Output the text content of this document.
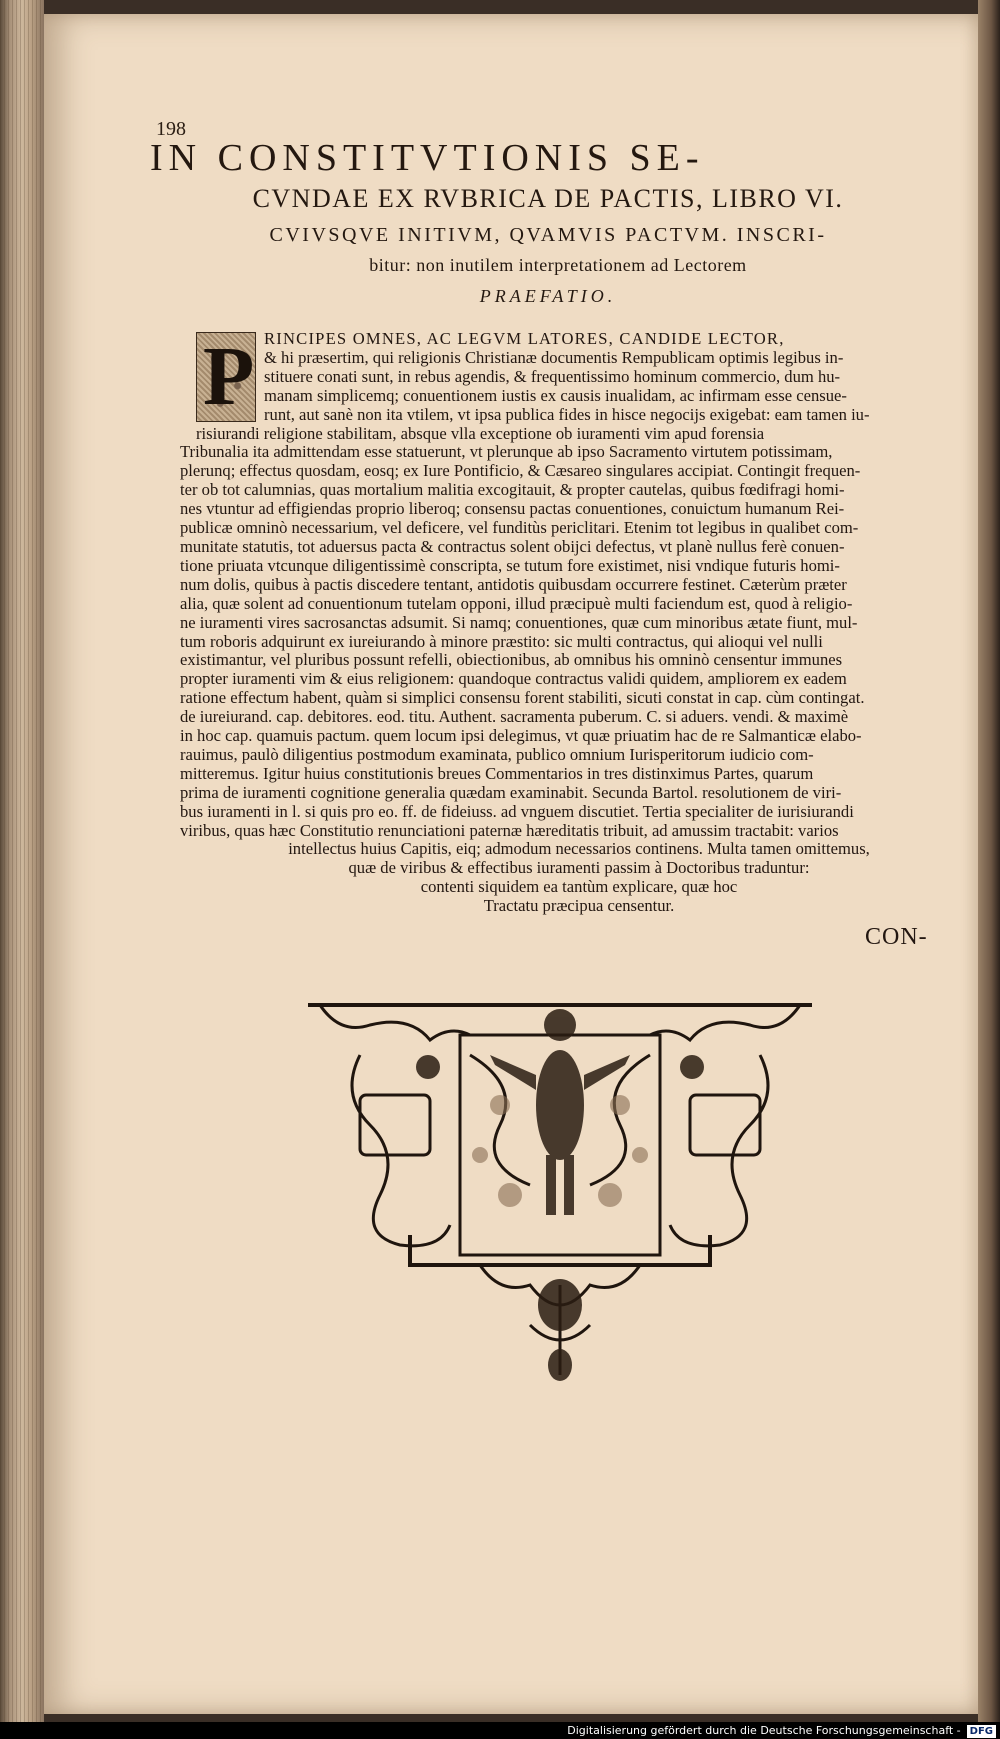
198
IN CONSTITVTIONIS SE-
CVNDAE EX RVBRICA DE PACTIS, LIBRO VI.
CVIVSQVE INITIVM, QVAMVIS PACTVM. INSCRI-
bitur: non inutilem interpretationem ad Lectorem
PRAEFATIO.
P RINCIPES OMNES, AC LEGVM LATORES, CANDIDE LECTOR,
& hi præsertim, qui religionis Christianæ documentis Rempublicam optimis legibus in-
stituere conati sunt, in rebus agendis, & frequentissimo hominum commercio, dum hu-
manam simplicemq; conuentionem iustis ex causis inualidam, ac infirmam esse censue-
runt, aut sanè non ita vtilem, vt ipsa publica fides in hisce negocijs exigebat: eam tamen iu-
risiurandi religione stabilitam, absque vlla exceptione ob iuramenti vim apud forensia
Tribunalia ita admittendam esse statuerunt, vt plerunque ab ipso Sacramento virtutem potissimam,
plerunq; effectus quosdam, eosq; ex Iure Pontificio, & Cæsareo singulares accipiat. Contingit frequen-
ter ob tot calumnias, quas mortalium malitia excogitauit, & propter cautelas, quibus fœdifragi homi-
nes vtuntur ad effigiendas proprio liberoq; consensu pactas conuentiones, conuictum humanum Rei-
publicæ omninò necessarium, vel deficere, vel funditùs periclitari. Etenim tot legibus in qualibet com-
munitate statutis, tot aduersus pacta & contractus solent obijci defectus, vt planè nullus ferè conuen-
tione priuata vtcunque diligentissimè conscripta, se tutum fore existimet, nisi vndique futuris homi-
num dolis, quibus à pactis discedere tentant, antidotis quibusdam occurrere festinet. Cæterùm præter
alia, quæ solent ad conuentionum tutelam opponi, illud præcipuè multi faciendum est, quod à religio-
ne iuramenti vires sacrosanctas adsumit. Si namq; conuentiones, quæ cum minoribus ætate fiunt, mul-
tum roboris adquirunt ex iureiurando à minore præstito: sic multi contractus, qui alioqui vel nulli
existimantur, vel pluribus possunt refelli, obiectionibus, ab omnibus his omninò censentur immunes
propter iuramenti vim & eius religionem: quandoque contractus validi quidem, ampliorem ex eadem
ratione effectum habent, quàm si simplici consensu forent stabiliti, sicuti constat in cap. cùm contingat.
de iureiurand. cap. debitores. eod. titu. Authent. sacramenta puberum. C. si aduers. vendi. & maximè
in hoc cap. quamuis pactum. quem locum ipsi delegimus, vt quæ priuatim hac de re Salmanticæ elabo-
rauimus, paulò diligentius postmodum examinata, publico omnium Iurisperitorum iudicio com-
mitteremus. Igitur huius constitutionis breues Commentarios in tres distinximus Partes, quarum
prima de iuramenti cognitione generalia quædam examinabit. Secunda Bartol. resolutionem de viri-
bus iuramenti in l. si quis pro eo. ff. de fideiuss. ad vnguem discutiet. Tertia specialiter de iurisiurandi
viribus, quas hæc Constitutio renunciationi paternæ hæreditatis tribuit, ad amussim tractabit: varios
intellectus huius Capitis, eiq; admodum necessarios continens. Multa tamen omittemus,
quæ de viribus & effectibus iuramenti passim à Doctoribus traduntur:
contenti siquidem ea tantùm explicare, quæ hoc
Tractatu præcipua censentur.
CON-
Digitalisierung gefördert durch die Deutsche Forschungsgemeinschaft - DFG
